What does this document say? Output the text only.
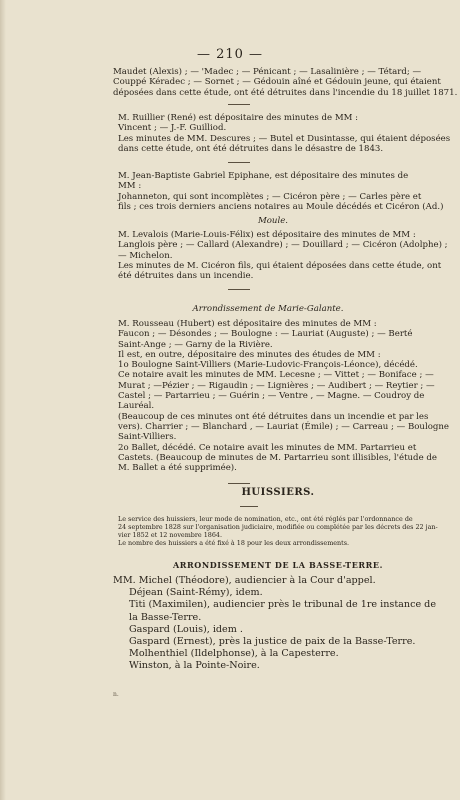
— 210 —
Maudet (Alexis) ; — 'Madec ; — Pénicant ; — Lasalinière ; — Tétard; —
Couppé Kéradec ; — Sornet ; — Gédouin aîné et Gédouin jeune, qui étaient
déposées dans cette étude, ont été détruites dans l'incendie du 18 juillet 1871.
M. Ruillier (René) est dépositaire des minutes de MM :
Vincent ; — J.-F. Guilliod.
Les minutes de MM. Descures ; — Butel et Dusintasse, qui étaient déposées
dans cette étude, ont été détruites dans le désastre de 1843.
M. Jean-Baptiste Gabriel Epiphane, est dépositaire des minutes de
MM :
Johanneton, qui sont incomplètes ; — Cicéron père ; — Carles père et
fils ; ces trois derniers anciens notaires au Moule décédés et Cicéron (Ad.)
Moule.
M. Levalois (Marie-Louis-Félix) est dépositaire des minutes de MM :
Langlois père ; — Callard (Alexandre) ; — Douillard ; — Cicéron (Adolphe) ;
— Michelon.
Les minutes de M. Cicéron fils, qui étaient déposées dans cette étude, ont
été détruites dans un incendie.
Arrondissement de Marie-Galante.
M. Rousseau (Hubert) est dépositaire des minutes de MM :
Faucon ; — Désondes ; — Boulogne : — Lauriat (Auguste) ; — Berté
Saint-Ange ; — Garny de la Rivière.
Il est, en outre, dépositaire des minutes des études de MM :
1o Boulogne Saint-Villiers (Marie-Ludovic-François-Léonce), décédé.
Ce notaire avait les minutes de MM. Lecesne ; — Vittet ; — Boniface ; —
Murat ; —Pézier ; — Rigaudin ; — Lignières ; — Audibert ; — Reytier ; —
Castel ; — Partarrieu ; — Guérin ; — Ventre , — Magne. — Coudroy de
Lauréal.
(Beaucoup de ces minutes ont été détruites dans un incendie et par les
vers). Charrier ; — Blanchard , — Lauriat (Émile) ; — Carreau ; — Boulogne
Saint-Villiers.
2o Ballet, décédé. Ce notaire avait les minutes de MM. Partarrieu et
Castets. (Beaucoup de minutes de M. Partarrieu sont illisibles, l'étude de
M. Ballet a été supprimée).
HUISSIERS.
Le service des huissiers, leur mode de nomination, etc., ont été réglés par l'ordonnance de
24 septembre 1828 sur l'organisation judiciaire, modifiée ou complétée par les décrets des 22 jan-
vier 1852 et 12 novembre 1864.
Le nombre des huissiers a été fixé à 18 pour les deux arrondissements.
ARRONDISSEMENT DE LA BASSE-TERRE.
MM. Michel (Théodore), audiencier à la Cour d'appel.
Déjean (Saint-Rémy), idem.
Titi (Maximilen), audiencier près le tribunal de 1re instance de
la Basse-Terre.
Gaspard (Louis), idem .
Gaspard (Ernest), près la justice de paix de la Basse-Terre.
Molhenthiel (Ildelphonse), à la Capesterre.
Winston, à la Pointe-Noire.
n.
